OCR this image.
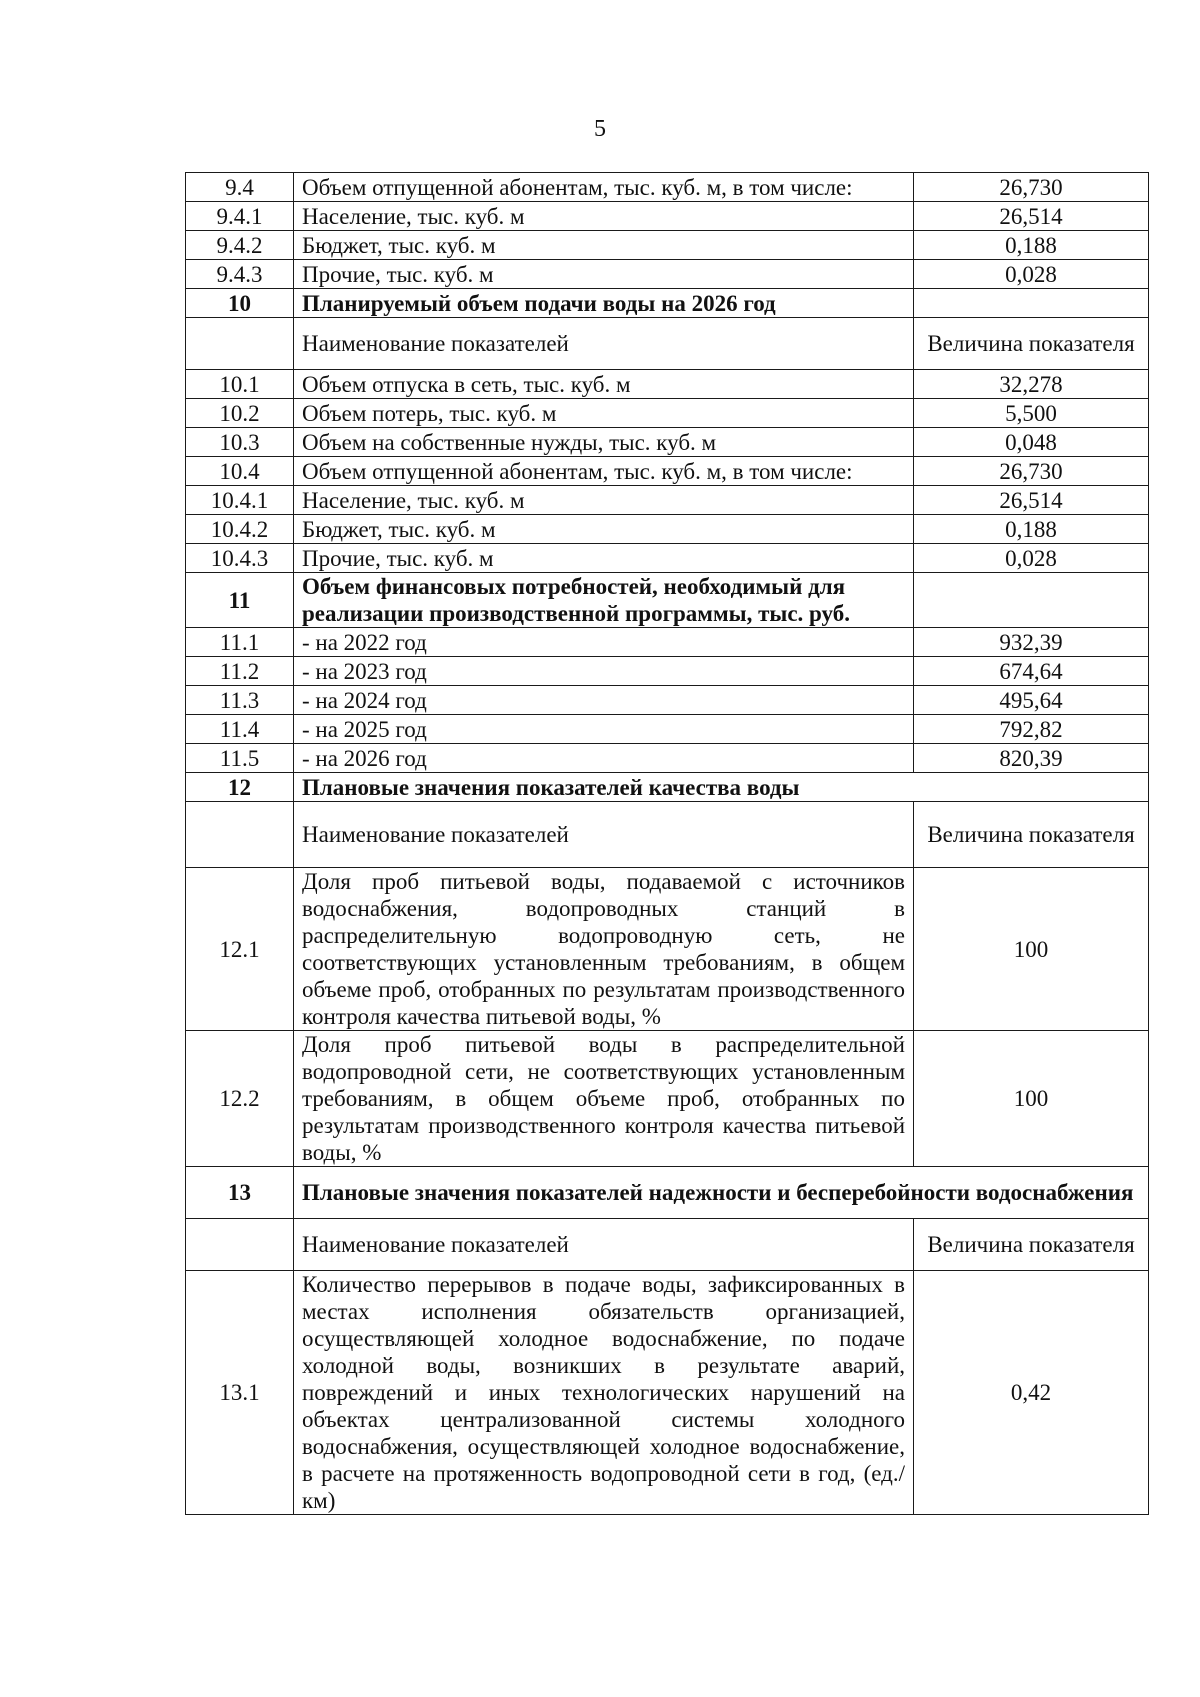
5
9.4	Объем отпущенной абонентам, тыс. куб. м, в том числе:	26,730
9.4.1	Население, тыс. куб. м	26,514
9.4.2	Бюджет, тыс. куб. м	0,188
9.4.3	Прочие, тыс. куб. м	0,028
10	Планируемый объем подачи воды на 2026 год	
	Наименование показателей	Величина показателя
10.1	Объем отпуска в сеть, тыс. куб. м	32,278
10.2	Объем потерь, тыс. куб. м	5,500
10.3	Объем на собственные нужды, тыс. куб. м	0,048
10.4	Объем отпущенной абонентам, тыс. куб. м, в том числе:	26,730
10.4.1	Население, тыс. куб. м	26,514
10.4.2	Бюджет, тыс. куб. м	0,188
10.4.3	Прочие, тыс. куб. м	0,028
11	Объем финансовых потребностей, необходимый для реализации производственной программы, тыс. руб.	
11.1	- на 2022 год	932,39
11.2	- на 2023 год	674,64
11.3	- на 2024 год	495,64
11.4	- на 2025 год	792,82
11.5	- на 2026 год	820,39
12	Плановые значения показателей качества воды	
	Наименование показателей	Величина показателя
12.1	Доля проб питьевой воды, подаваемой с источников водоснабжения, водопроводных станций в распределительную водопроводную сеть, не соответствующих установленным требованиям, в общем объеме проб, отобранных по результатам производственного контроля качества питьевой воды, %	100
12.2	Доля проб питьевой воды в распределительной водопроводной сети, не соответствующих установленным требованиям, в общем объеме проб, отобранных по результатам производственного контроля качества питьевой воды, %	100
13	Плановые значения показателей надежности и бесперебойности водоснабжения	
	Наименование показателей	Величина показателя
13.1	Количество перерывов в подаче воды, зафиксированных в местах исполнения обязательств организацией, осуществляющей холодное водоснабжение, по подаче холодной воды, возникших в результате аварий, повреждений и иных технологических нарушений на объектах централизованной системы холодного водоснабжения, осуществляющей холодное водоснабжение, в расчете на протяженность водопроводной сети в год, (ед./км)	0,42
